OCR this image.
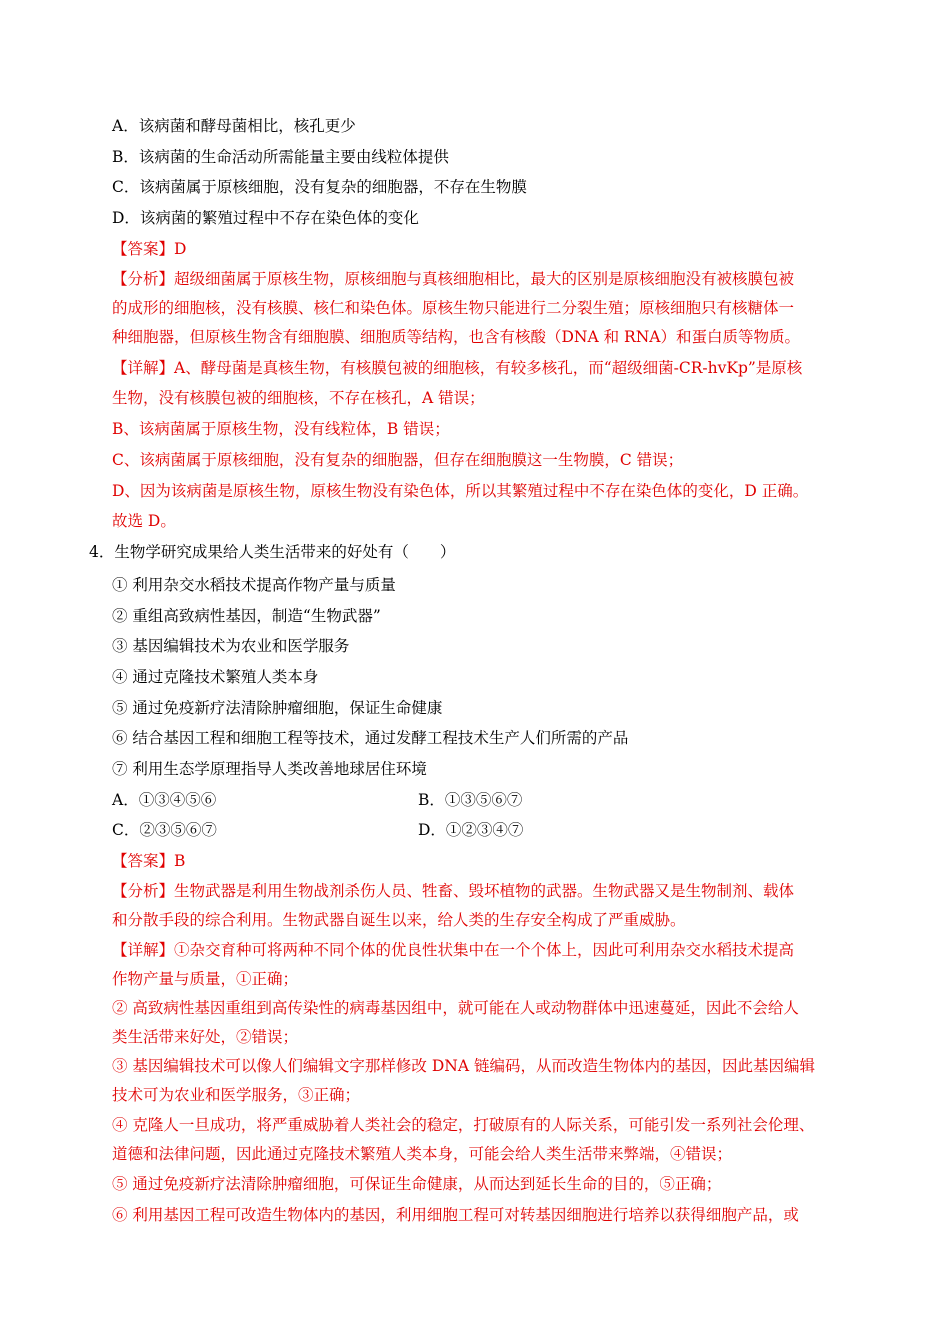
A．该病菌和酵母菌相比，核孔更少
B．该病菌的生命活动所需能量主要由线粒体提供
C．该病菌属于原核细胞，没有复杂的细胞器，不存在生物膜
D．该病菌的繁殖过程中不存在染色体的变化
【答案】D
【分析】超级细菌属于原核生物，原核细胞与真核细胞相比，最大的区别是原核细胞没有被核膜包被
的成形的细胞核，没有核膜、核仁和染色体。原核生物只能进行二分裂生殖；原核细胞只有核糖体一
种细胞器，但原核生物含有细胞膜、细胞质等结构，也含有核酸（DNA 和 RNA）和蛋白质等物质。
【详解】A、酵母菌是真核生物，有核膜包被的细胞核，有较多核孔，而“超级细菌-CR-hvKp”是原核
生物，没有核膜包被的细胞核，不存在核孔，A 错误；
B、该病菌属于原核生物，没有线粒体，B 错误；
C、该病菌属于原核细胞，没有复杂的细胞器，但存在细胞膜这一生物膜，C 错误；
D、因为该病菌是原核生物，原核生物没有染色体，所以其繁殖过程中不存在染色体的变化，D 正确。
故选 D。
4．生物学研究成果给人类生活带来的好处有（　　）
① 利用杂交水稻技术提高作物产量与质量
② 重组高致病性基因，制造“生物武器”
③ 基因编辑技术为农业和医学服务
④ 通过克隆技术繁殖人类本身
⑤ 通过免疫新疗法清除肿瘤细胞，保证生命健康
⑥ 结合基因工程和细胞工程等技术，通过发酵工程技术生产人们所需的产品
⑦ 利用生态学原理指导人类改善地球居住环境
A．①③④⑤⑥	B．①③⑤⑥⑦
C．②③⑤⑥⑦	D．①②③④⑦
【答案】B
【分析】生物武器是利用生物战剂杀伤人员、牲畜、毁坏植物的武器。生物武器又是生物制剂、载体
和分散手段的综合利用。生物武器自诞生以来，给人类的生存安全构成了严重威胁。
【详解】①杂交育种可将两种不同个体的优良性状集中在一个个体上，因此可利用杂交水稻技术提高
作物产量与质量，①正确；
② 高致病性基因重组到高传染性的病毒基因组中，就可能在人或动物群体中迅速蔓延，因此不会给人
类生活带来好处，②错误；
③ 基因编辑技术可以像人们编辑文字那样修改 DNA 链编码，从而改造生物体内的基因，因此基因编辑
技术可为农业和医学服务，③正确；
④ 克隆人一旦成功，将严重威胁着人类社会的稳定，打破原有的人际关系，可能引发一系列社会伦理、
道德和法律问题，因此通过克隆技术繁殖人类本身，可能会给人类生活带来弊端，④错误；
⑤ 通过免疫新疗法清除肿瘤细胞，可保证生命健康，从而达到延长生命的目的，⑤正确；
⑥ 利用基因工程可改造生物体内的基因，利用细胞工程可对转基因细胞进行培养以获得细胞产品，或
